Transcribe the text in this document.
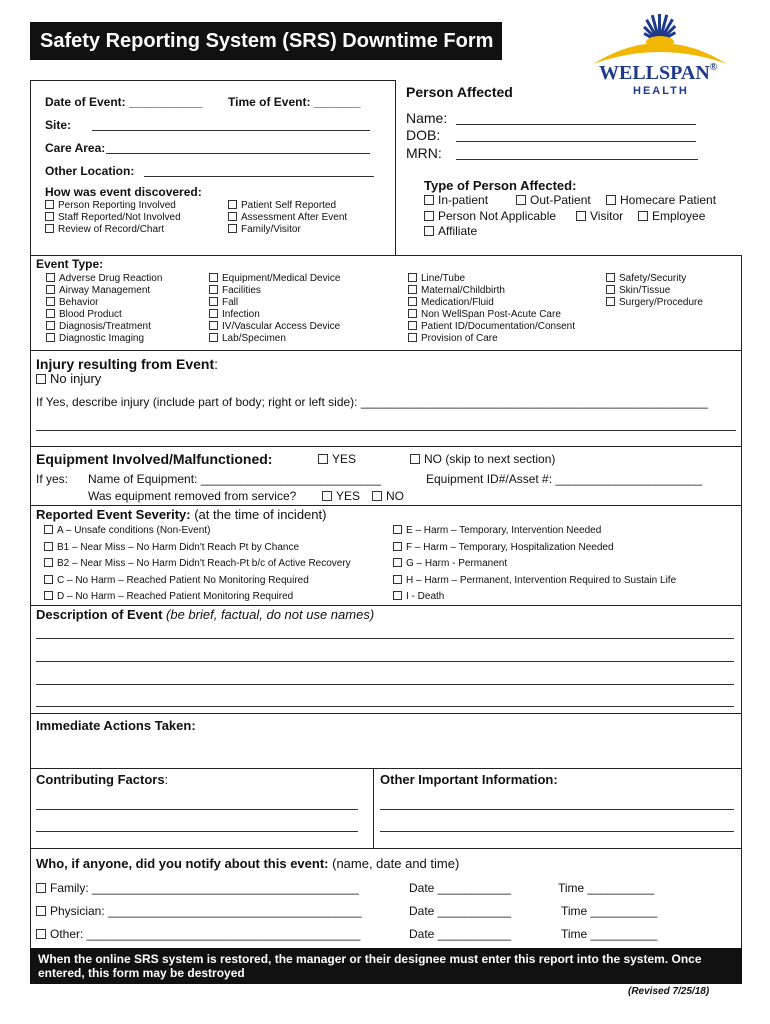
Safety Reporting System (SRS) Downtime Form
WELLSPAN®
HEALTH
Date of Event: ___________ Time of Event: _______
Site:
Care Area:
Other Location:
How was event discovered:
Person Reporting Involved
Staff Reported/Not Involved
Review of Record/Chart
Patient Self Reported
Assessment After Event
Family/Visitor
Person Affected
Name:
DOB:
MRN:
Type of Person Affected:
In-patient	Out-Patient	Homecare Patient
Person Not Applicable	Visitor	Employee
Affiliate
Event Type:
Adverse Drug Reaction
Airway Management
Behavior
Blood Product
Diagnosis/Treatment
Diagnostic Imaging
Equipment/Medical Device
Facilities
Fall
Infection
IV/Vascular Access Device
Lab/Specimen
Line/Tube
Maternal/Childbirth
Medication/Fluid
Non WellSpan Post-Acute Care
Patient ID/Documentation/Consent
Provision of Care
Safety/Security
Skin/Tissue
Surgery/Procedure
Injury resulting from Event:
No injury
If Yes, describe injury (include part of body; right or left side): ____________________________________________________
Equipment Involved/Malfunctioned:	YES	NO (skip to next section)
If yes: Name of Equipment: ___________________________	Equipment ID#/Asset #: ______________________
Was equipment removed from service?	YES	NO
Reported Event Severity: (at the time of incident)
A – Unsafe conditions (Non-Event)
B1 – Near Miss – No Harm Didn't Reach Pt by Chance
B2 – Near Miss – No Harm Didn't Reach-Pt b/c of Active Recovery
C – No Harm – Reached Patient No Monitoring Required
D – No Harm – Reached Patient Monitoring Required
E – Harm – Temporary, Intervention Needed
F – Harm – Temporary, Hospitalization Needed
G – Harm - Permanent
H – Harm – Permanent, Intervention Required to Sustain Life
I - Death
Description of Event (be brief, factual, do not use names)
Immediate Actions Taken:
Contributing Factors:	Other Important Information:
Who, if anyone, did you notify about this event: (name, date and time)
Family: ________________________________________	Date ___________	Time __________
Physician: ______________________________________	Date ___________	Time __________
Other: _________________________________________	Date ___________	Time __________
When the online SRS system is restored, the manager or their designee must enter this report into the system. Once entered, this form may be destroyed
(Revised 7/25/18)
